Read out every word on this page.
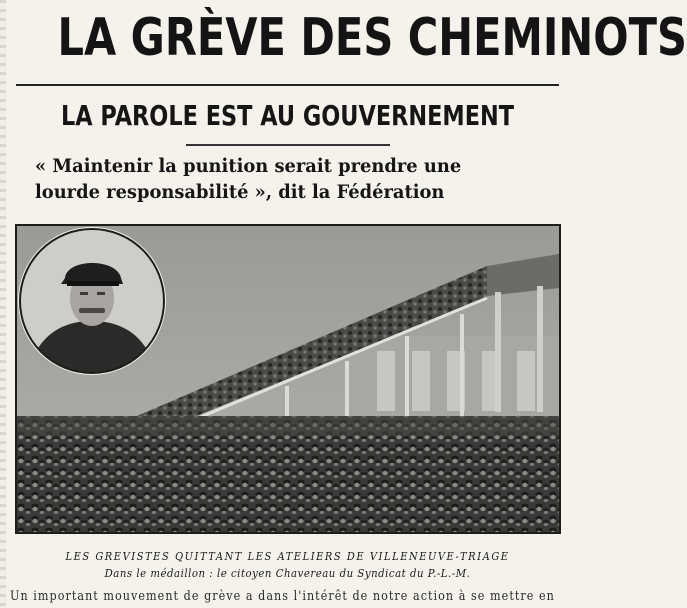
LA GRÈVE DES CHEMINOTS
LA PAROLE EST AU GOUVERNEMENT
« Maintenir la punition serait prendre une
lourde responsabilité », dit la Fédération
LES GREVISTES QUITTANT LES ATELIERS DE VILLENEUVE-TRIAGE
Dans le médaillon : le citoyen Chavereau du Syndicat du P.-L.-M.
Un important mouvement de grève a dans l'intérêt de notre action à se mettre en
